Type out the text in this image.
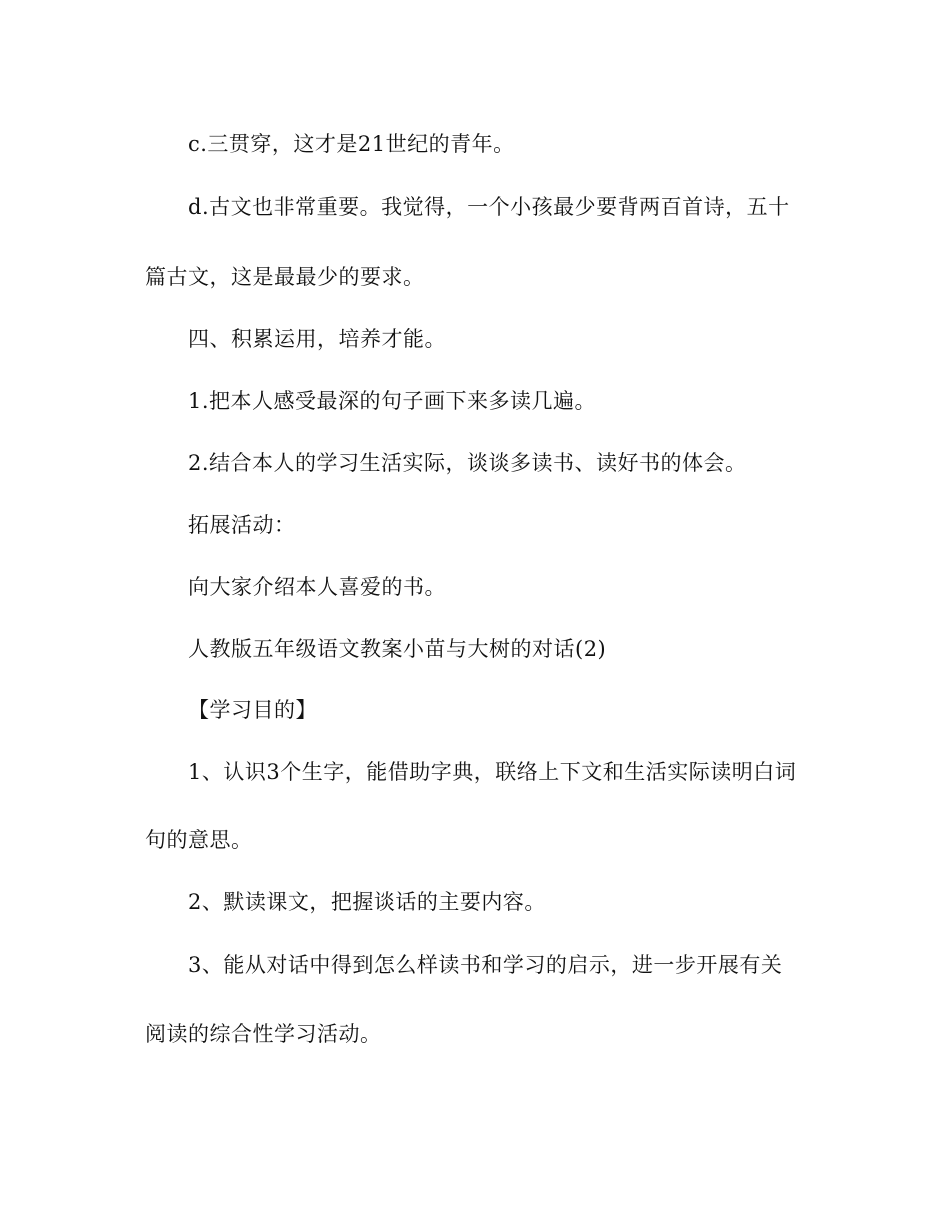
c.三贯穿，这才是21世纪的青年。
d.古文也非常重要。我觉得，一个小孩最少要背两百首诗，五十
篇古文，这是最最少的要求。
四、积累运用，培养才能。
1.把本人感受最深的句子画下来多读几遍。
2.结合本人的学习生活实际，谈谈多读书、读好书的体会。
拓展活动：
向大家介绍本人喜爱的书。
人教版五年级语文教案小苗与大树的对话(2)
【学习目的】
1、认识3个生字，能借助字典，联络上下文和生活实际读明白词
句的意思。
2、默读课文，把握谈话的主要内容。
3、能从对话中得到怎么样读书和学习的启示，进一步开展有关
阅读的综合性学习活动。
